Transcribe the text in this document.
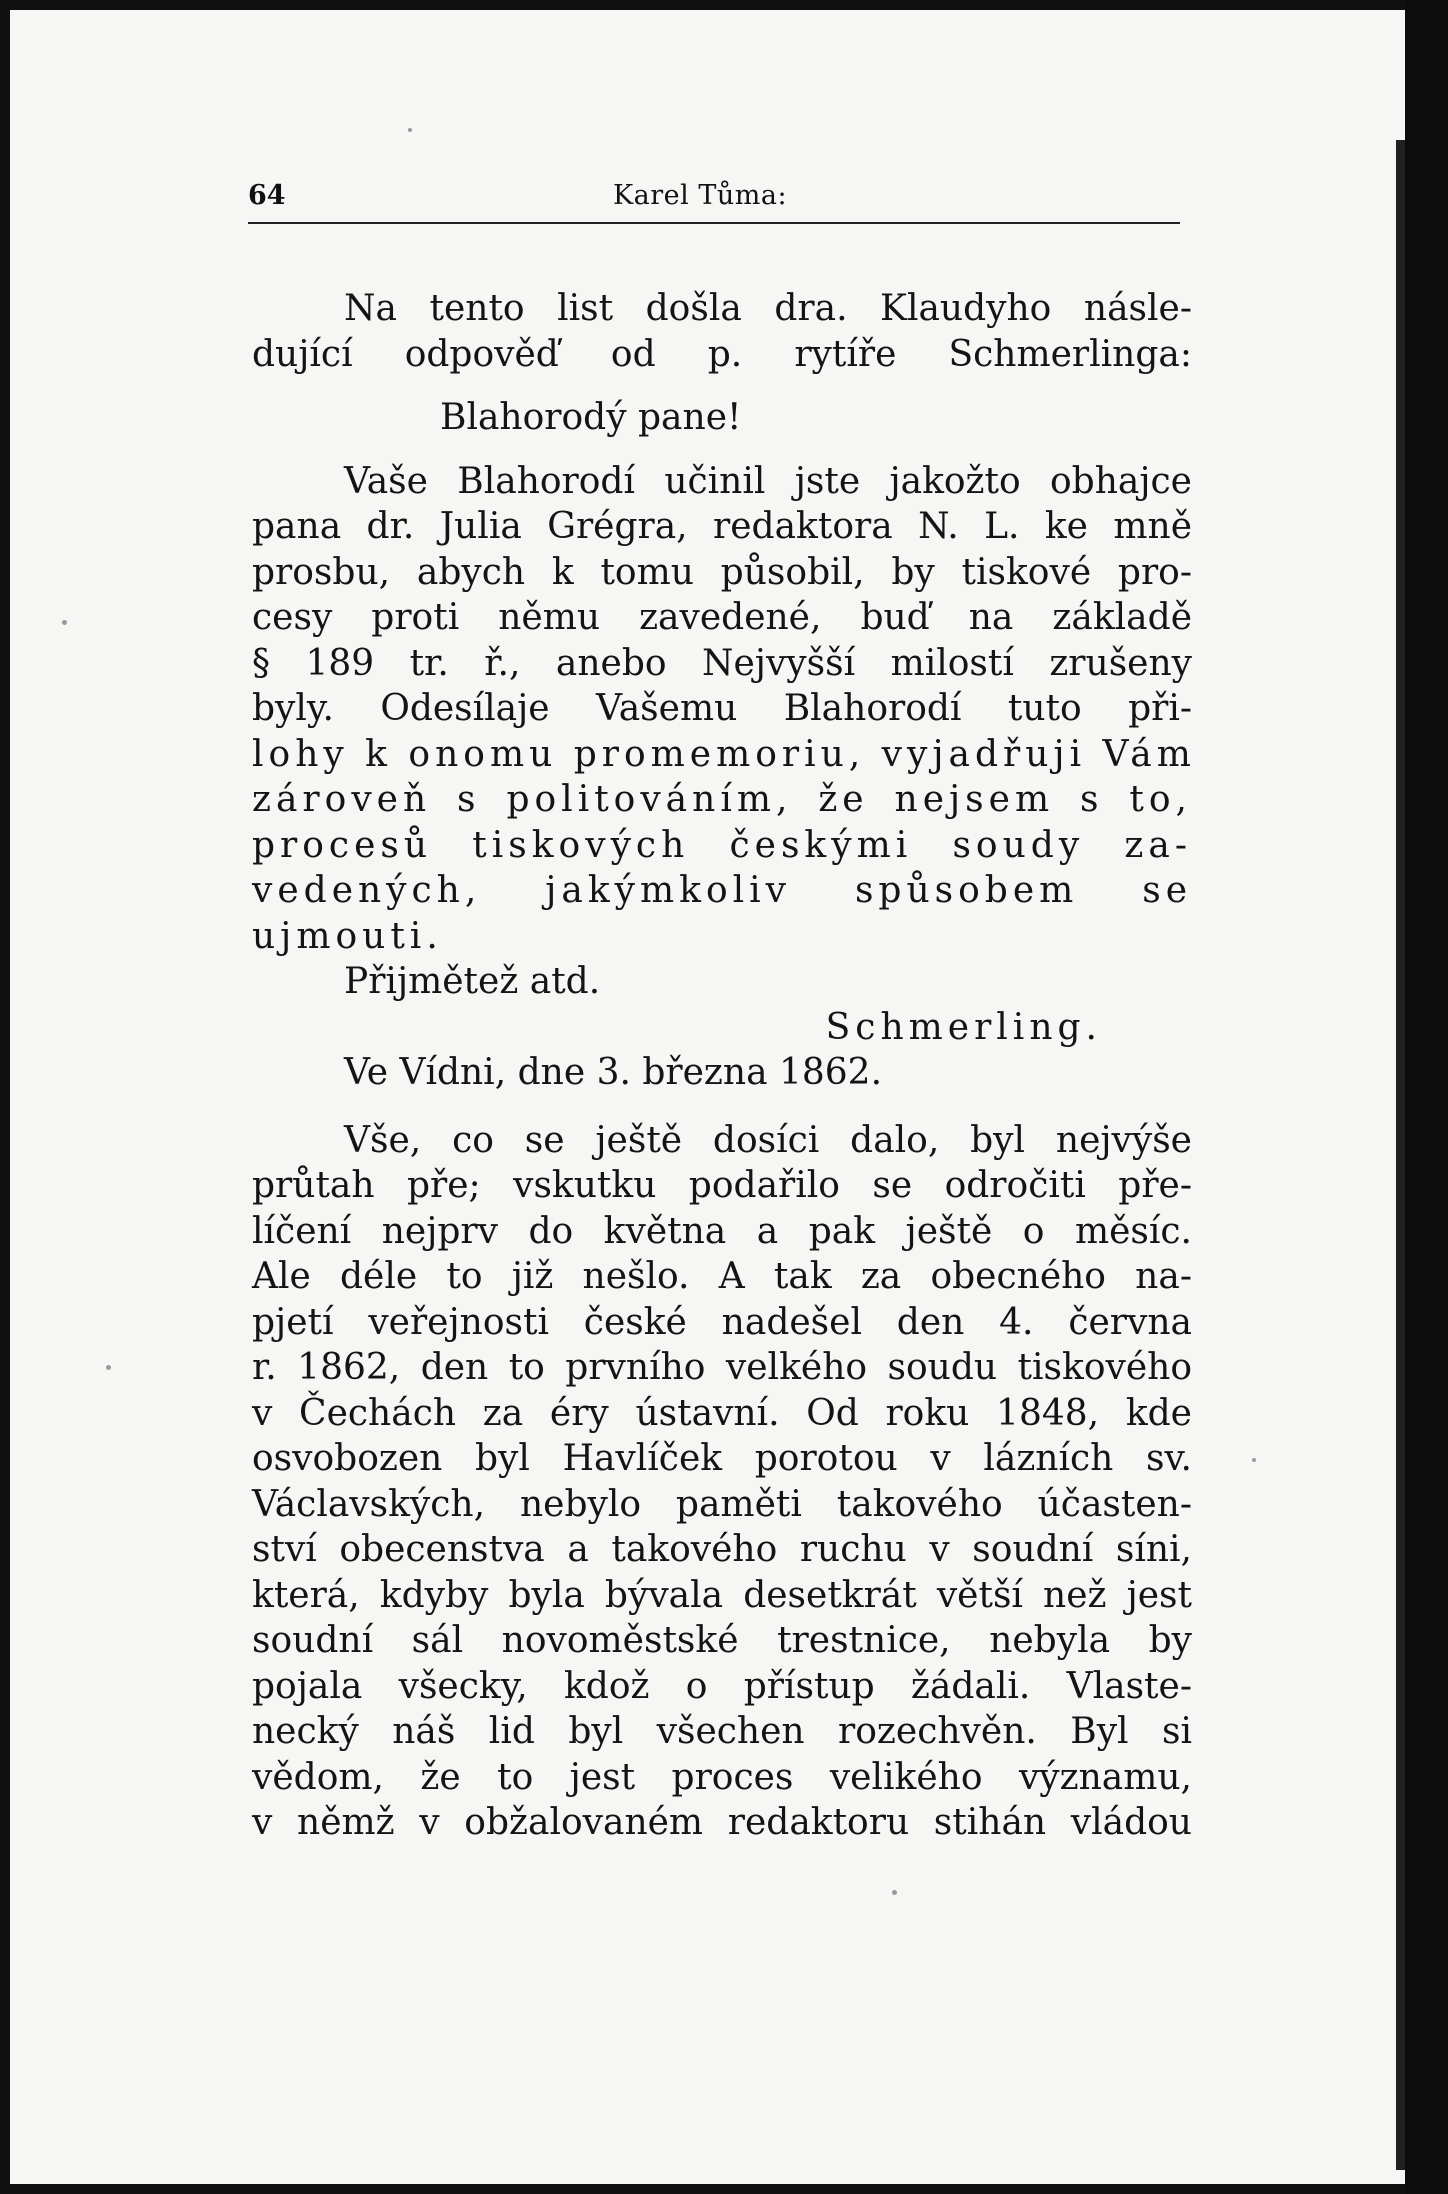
64	Karel Tůma:
Na tento list došla dra. Klaudyho násle-
dující odpověď od p. rytíře Schmerlinga:
Blahorodý pane!
Vaše Blahorodí učinil jste jakožto obhajce
pana dr. Julia Grégra, redaktora N. L. ke mně
prosbu, abych k tomu působil, by tiskové pro-
cesy proti němu zavedené, buď na základě
§ 189 tr. ř., anebo Nejvyšší milostí zrušeny
byly. Odesílaje Vašemu Blahorodí tuto při-
lohy k onomu promemoriu, vyjadřuji Vám
zároveň s politováním, že nejsem s to,
procesů tiskových českými soudy za-
vedených, jakýmkoliv spůsobem se
ujmouti.
Přijmětež atd.
Schmerling.
Ve Vídni, dne 3. března 1862.
Vše, co se ještě dosíci dalo, byl nejvýše
průtah pře; vskutku podařilo se odročiti pře-
líčení nejprv do května a pak ještě o měsíc.
Ale déle to již nešlo. A tak za obecného na-
pjetí veřejnosti české nadešel den 4. června
r. 1862, den to prvního velkého soudu tiskového
v Čechách za éry ústavní. Od roku 1848, kde
osvobozen byl Havlíček porotou v lázních sv.
Václavských, nebylo paměti takového účasten-
ství obecenstva a takového ruchu v soudní síni,
která, kdyby byla bývala desetkrát větší než jest
soudní sál novoměstské trestnice, nebyla by
pojala všecky, kdož o přístup žádali. Vlaste-
necký náš lid byl všechen rozechvěn. Byl si
vědom, že to jest proces velikého významu,
v němž v obžalovaném redaktoru stihán vládou
